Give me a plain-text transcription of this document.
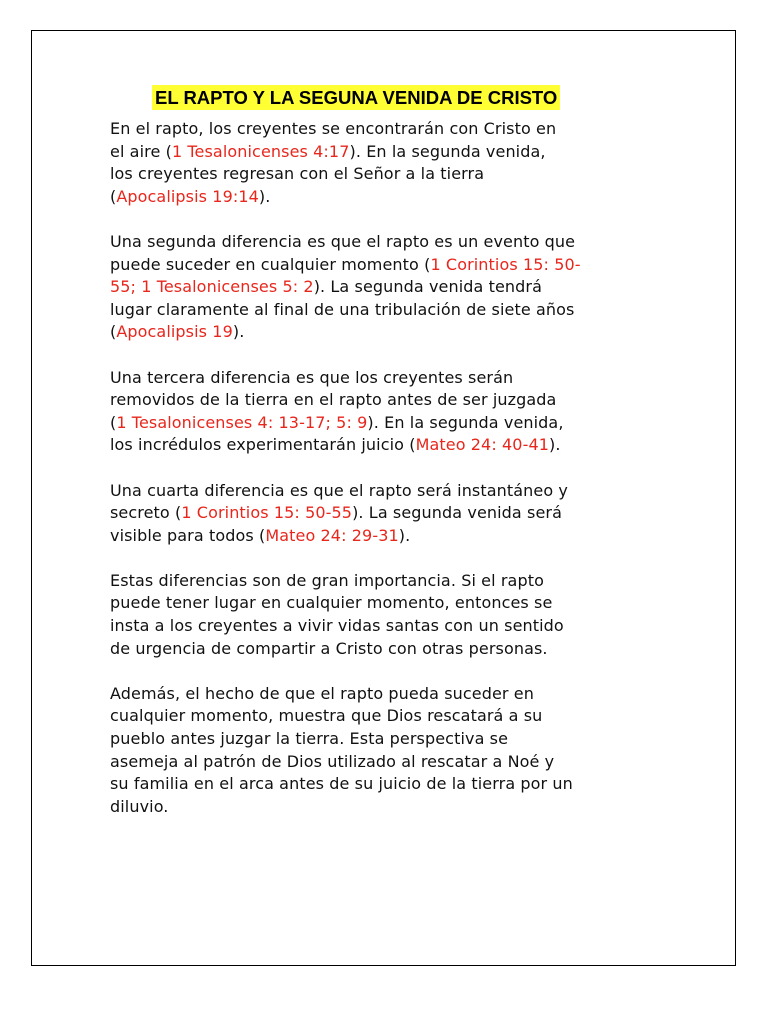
EL RAPTO Y LA SEGUNA VENIDA DE CRISTO
En el rapto, los creyentes se encontrarán con Cristo en
el aire (1 Tesalonicenses 4:17). En la segunda venida,
los creyentes regresan con el Señor a la tierra
(Apocalipsis 19:14).
Una segunda diferencia es que el rapto es un evento que
puede suceder en cualquier momento (1 Corintios 15: 50-
55; 1 Tesalonicenses 5: 2). La segunda venida tendrá
lugar claramente al final de una tribulación de siete años
(Apocalipsis 19).
Una tercera diferencia es que los creyentes serán
removidos de la tierra en el rapto antes de ser juzgada
(1 Tesalonicenses 4: 13-17; 5: 9). En la segunda venida,
los incrédulos experimentarán juicio (Mateo 24: 40-41).
Una cuarta diferencia es que el rapto será instantáneo y
secreto (1 Corintios 15: 50-55). La segunda venida será
visible para todos (Mateo 24: 29-31).
Estas diferencias son de gran importancia. Si el rapto
puede tener lugar en cualquier momento, entonces se
insta a los creyentes a vivir vidas santas con un sentido
de urgencia de compartir a Cristo con otras personas.
Además, el hecho de que el rapto pueda suceder en
cualquier momento, muestra que Dios rescatará a su
pueblo antes juzgar la tierra. Esta perspectiva se
asemeja al patrón de Dios utilizado al rescatar a Noé y
su familia en el arca antes de su juicio de la tierra por un
diluvio.
